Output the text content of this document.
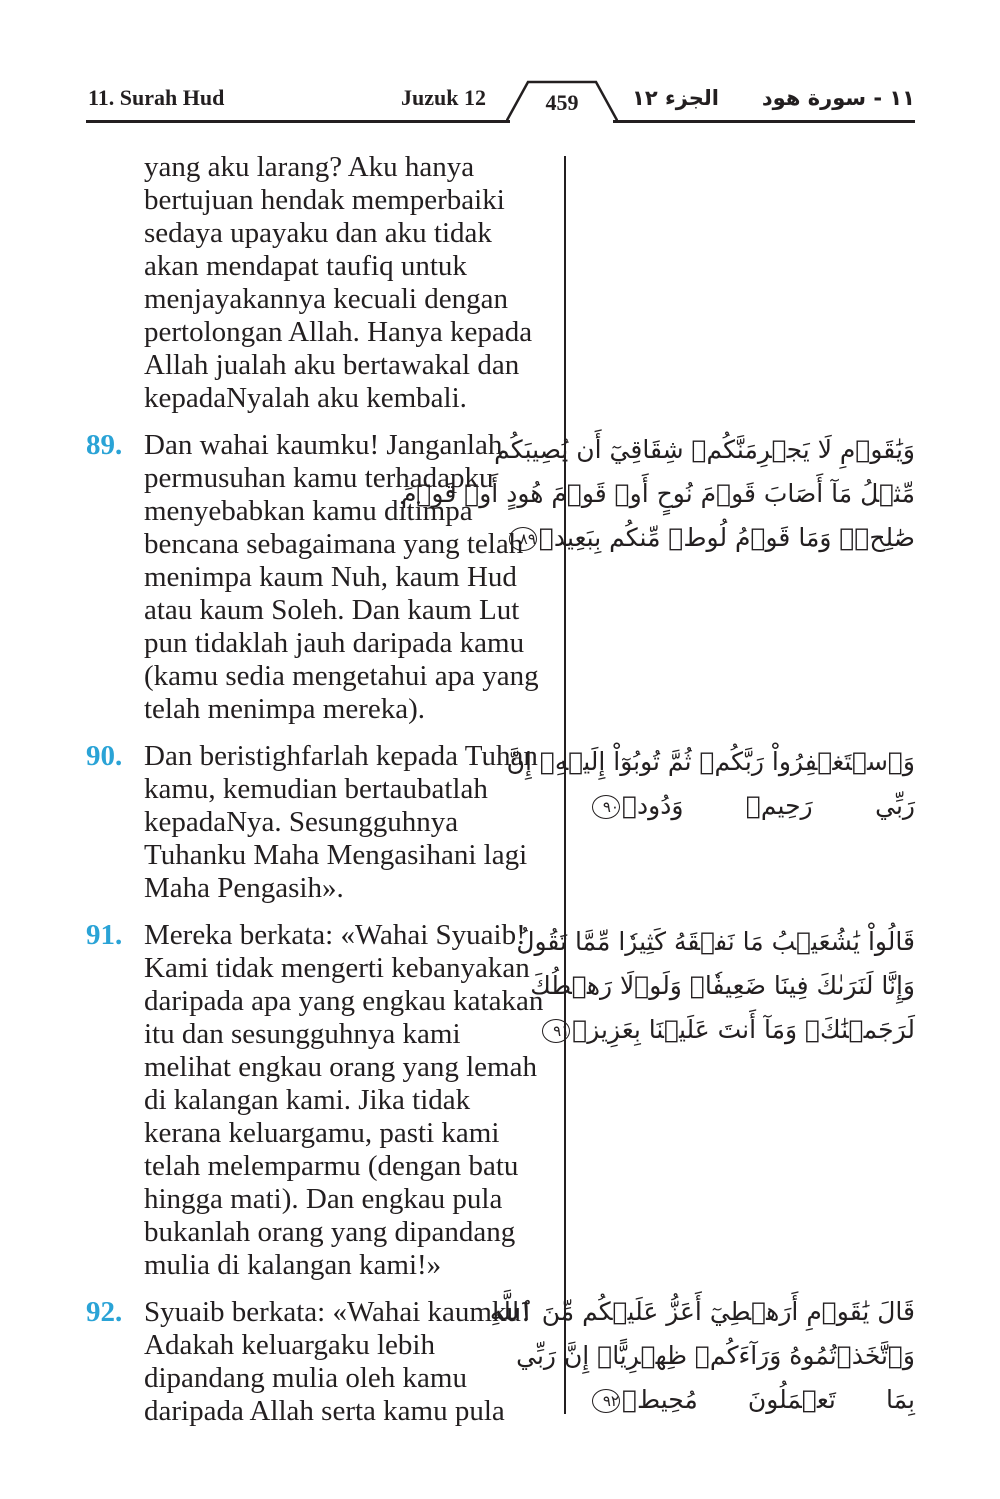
11. Surah Hud	Juzuk 12	459	الجزء ١٢ ١١ - سورة هود
yang aku larang? Aku hanya
bertujuan hendak memperbaiki
sedaya upayaku dan aku tidak
akan mendapat taufiq untuk
menjayakannya kecuali dengan
pertolongan Allah. Hanya kepada
Allah jualah aku bertawakal dan
kepadaNyalah aku kembali.
89. Dan wahai kaumku! Janganlah
permusuhan kamu terhadapku
menyebabkan kamu ditimpa
bencana sebagaimana yang telah
menimpa kaum Nuh, kaum Hud
atau kaum Soleh. Dan kaum Lut
pun tidaklah jauh daripada kamu
(kamu sedia mengetahui apa yang
telah menimpa mereka).
90. Dan beristighfarlah kepada Tuhan
kamu, kemudian bertaubatlah
kepadaNya. Sesungguhnya
Tuhanku Maha Mengasihani lagi
Maha Pengasih».
91. Mereka berkata: «Wahai Syuaib!
Kami tidak mengerti kebanyakan
daripada apa yang engkau katakan
itu dan sesungguhnya kami
melihat engkau orang yang lemah
di kalangan kami. Jika tidak
kerana keluargamu, pasti kami
telah melemparmu (dengan batu
hingga mati). Dan engkau pula
bukanlah orang yang dipandang
mulia di kalangan kami!»
92. Syuaib berkata: «Wahai kaumku!
Adakah keluargaku lebih
dipandang mulia oleh kamu
daripada Allah serta kamu pula
وَيَٰقَوۡمِ لَا يَجۡرِمَنَّكُمۡ شِقَاقِيٓ أَن يُصِيبَكُم
مِّثۡلُ مَآ أَصَابَ قَوۡمَ نُوحٍ أَوۡ قَوۡمَ هُودٍ أَوۡ قَوۡمَ
صَٰلِحٖۚ وَمَا قَوۡمُ لُوطٖ مِّنكُم بِبَعِيدٖ٨٩
وَٱسۡتَغۡفِرُواْ رَبَّكُمۡ ثُمَّ تُوبُوٓاْ إِلَيۡهِۚ إِنَّ
رَبِّي رَحِيمٞ وَدُودٞ٩٠
قَالُواْ يَٰشُعَيۡبُ مَا نَفۡقَهُ كَثِيرٗا مِّمَّا تَقُولُ
وَإِنَّا لَنَرَىٰكَ فِينَا ضَعِيفٗاۖ وَلَوۡلَا رَهۡطُكَ
لَرَجَمۡنَٰكَۖ وَمَآ أَنتَ عَلَيۡنَا بِعَزِيزٖ٩١
قَالَ يَٰقَوۡمِ أَرَهۡطِيٓ أَعَزُّ عَلَيۡكُم مِّنَ ٱللَّهِ
وَٱتَّخَذۡتُمُوهُ وَرَآءَكُمۡ ظِهۡرِيًّاۖ إِنَّ رَبِّي
بِمَا تَعۡمَلُونَ مُحِيطٞ٩٢
